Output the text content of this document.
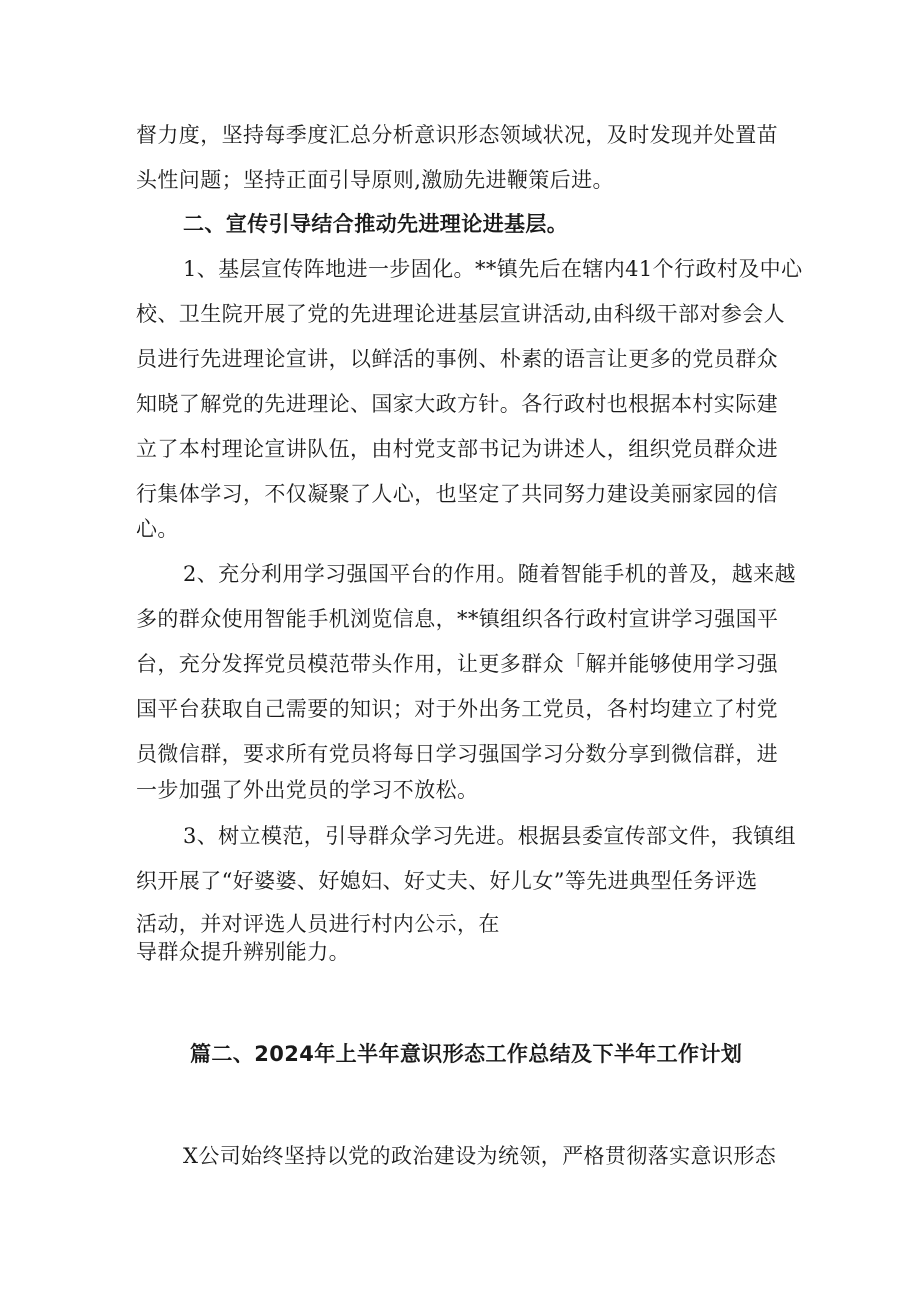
督力度，坚持每季度汇总分析意识形态领域状况，及时发现并处置苗
头性问题；坚持正面引导原则,激励先进鞭策后进。
二、宣传引导结合推动先进理论进基层。
1、基层宣传阵地进一步固化。**镇先后在辖内41个行政村及中心
校、卫生院开展了党的先进理论进基层宣讲活动,由科级干部对参会人
员进行先进理论宣讲，以鲜活的事例、朴素的语言让更多的党员群众
知晓了解党的先进理论、国家大政方针。各行政村也根据本村实际建
立了本村理论宣讲队伍，由村党支部书记为讲述人，组织党员群众进
行集体学习，不仅凝聚了人心，也坚定了共同努力建设美丽家园的信
心。
2、充分利用学习强国平台的作用。随着智能手机的普及，越来越
多的群众使用智能手机浏览信息，**镇组织各行政村宣讲学习强国平
台，充分发挥党员模范带头作用，让更多群众「解并能够使用学习强
国平台获取自己需要的知识；对于外出务工党员，各村均建立了村党
员微信群，要求所有党员将每日学习强国学习分数分享到微信群，进
一步加强了外出党员的学习不放松。
3、树立模范，引导群众学习先进。根据县委宣传部文件，我镇组
织开展了“好婆婆、好媳妇、好丈夫、好儿女”等先进典型任务评选
活动，并对评选人员进行村内公示，在
导群众提升辨别能力。
篇二、2024年上半年意识形态工作总结及下半年工作计划
X公司始终坚持以党的政治建设为统领，严格贯彻落实意识形态
